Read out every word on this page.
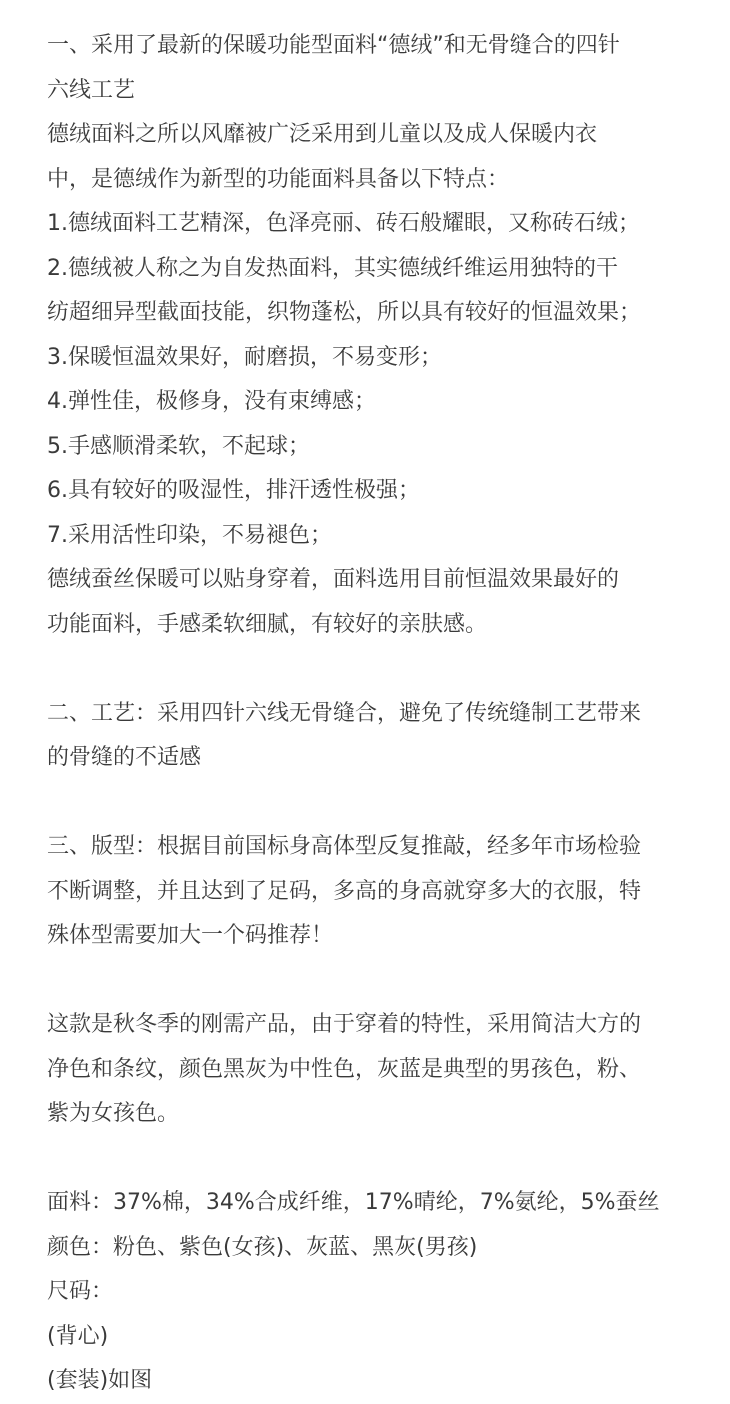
一、采用了最新的保暖功能型面料“德绒”和无骨缝合的四针
六线工艺
德绒面料之所以风靡被广泛采用到儿童以及成人保暖内衣
中，是德绒作为新型的功能面料具备以下特点：
1.德绒面料工艺精深，色泽亮丽、砖石般耀眼，又称砖石绒；
2.德绒被人称之为自发热面料，其实德绒纤维运用独特的干
纺超细异型截面技能，织物蓬松，所以具有较好的恒温效果；
3.保暖恒温效果好，耐磨损，不易变形；
4.弹性佳，极修身，没有束缚感；
5.手感顺滑柔软，不起球；
6.具有较好的吸湿性，排汗透性极强；
7.采用活性印染，不易褪色；
德绒蚕丝保暖可以贴身穿着，面料选用目前恒温效果最好的
功能面料，手感柔软细腻，有较好的亲肤感。
二、工艺：采用四针六线无骨缝合，避免了传统缝制工艺带来
的骨缝的不适感
三、版型：根据目前国标身高体型反复推敲，经多年市场检验
不断调整，并且达到了足码，多高的身高就穿多大的衣服，特
殊体型需要加大一个码推荐！
这款是秋冬季的刚需产品，由于穿着的特性，采用简洁大方的
净色和条纹，颜色黑灰为中性色，灰蓝是典型的男孩色，粉、
紫为女孩色。
面料：37%棉，34%合成纤维，17%晴纶，7%氨纶，5%蚕丝
颜色：粉色、紫色(女孩)、灰蓝、黑灰(男孩)
尺码：
(背心)
(套装)如图
